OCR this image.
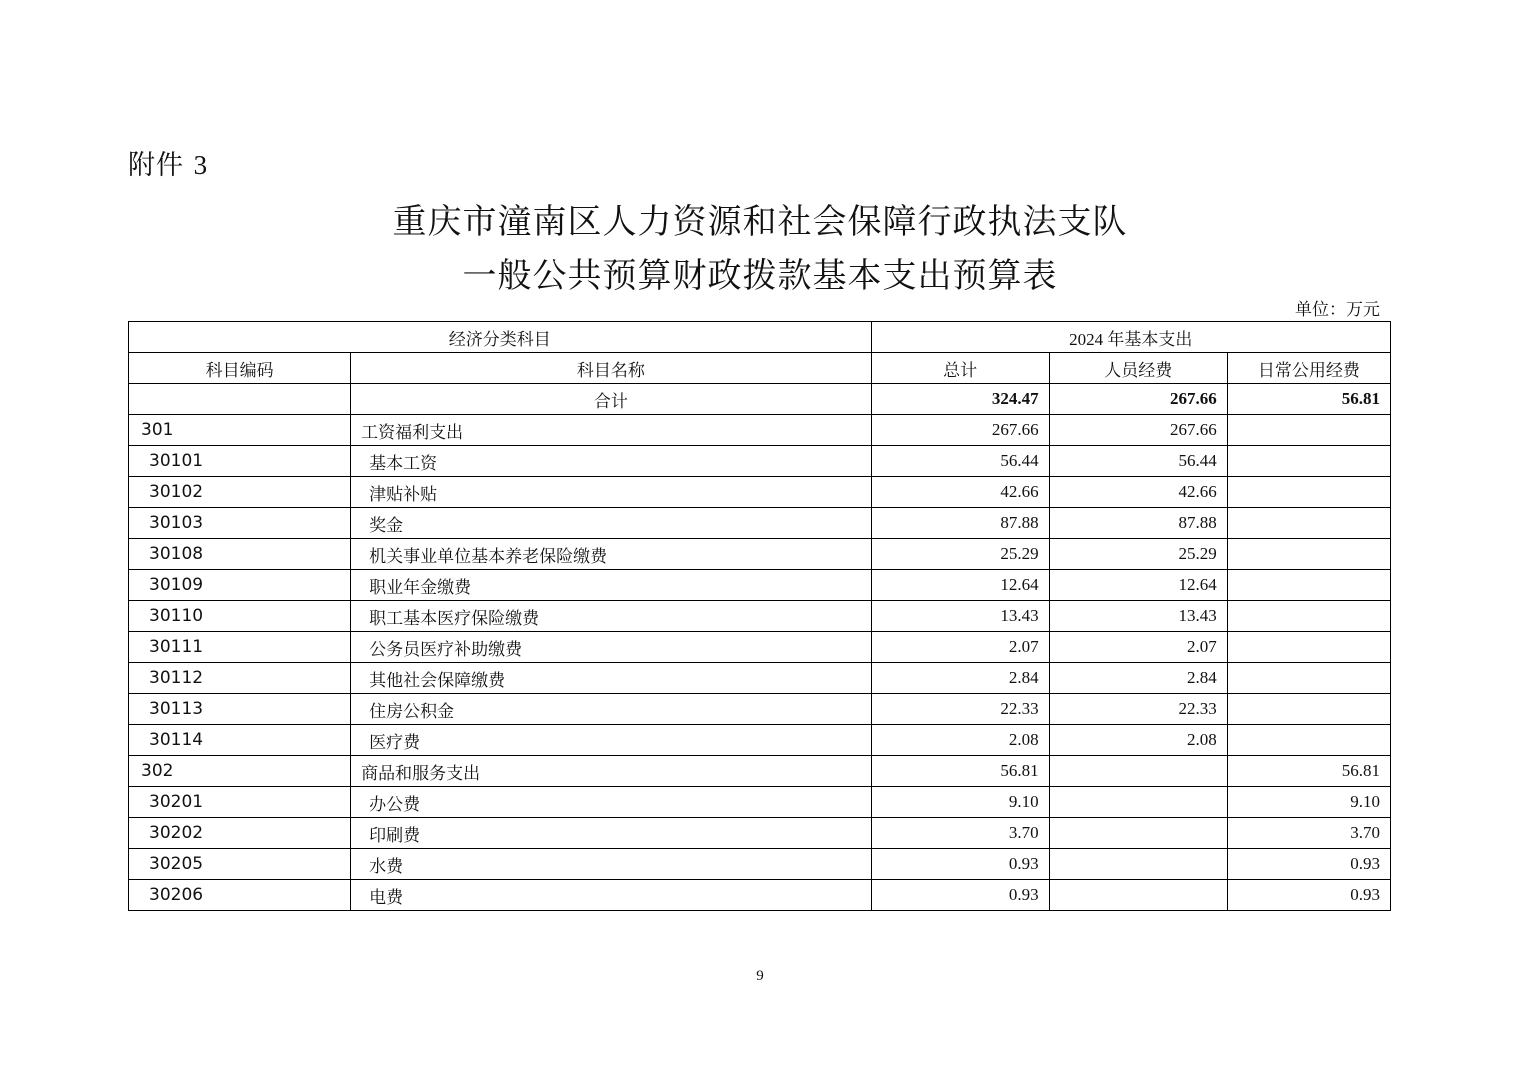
附件 3
重庆市潼南区人力资源和社会保障行政执法支队
一般公共预算财政拨款基本支出预算表
单位：万元
经济分类科目		2024 年基本支出		
科目编码	科目名称	总计	人员经费	日常公用经费
	合计	324.47	267.66	56.81
301	工资福利支出	267.66	267.66	
30101	基本工资	56.44	56.44	
30102	津贴补贴	42.66	42.66	
30103	奖金	87.88	87.88	
30108	机关事业单位基本养老保险缴费	25.29	25.29	
30109	职业年金缴费	12.64	12.64	
30110	职工基本医疗保险缴费	13.43	13.43	
30111	公务员医疗补助缴费	2.07	2.07	
30112	其他社会保障缴费	2.84	2.84	
30113	住房公积金	22.33	22.33	
30114	医疗费	2.08	2.08	
302	商品和服务支出	56.81		56.81
30201	办公费	9.10		9.10
30202	印刷费	3.70		3.70
30205	水费	0.93		0.93
30206	电费	0.93		0.93
9
